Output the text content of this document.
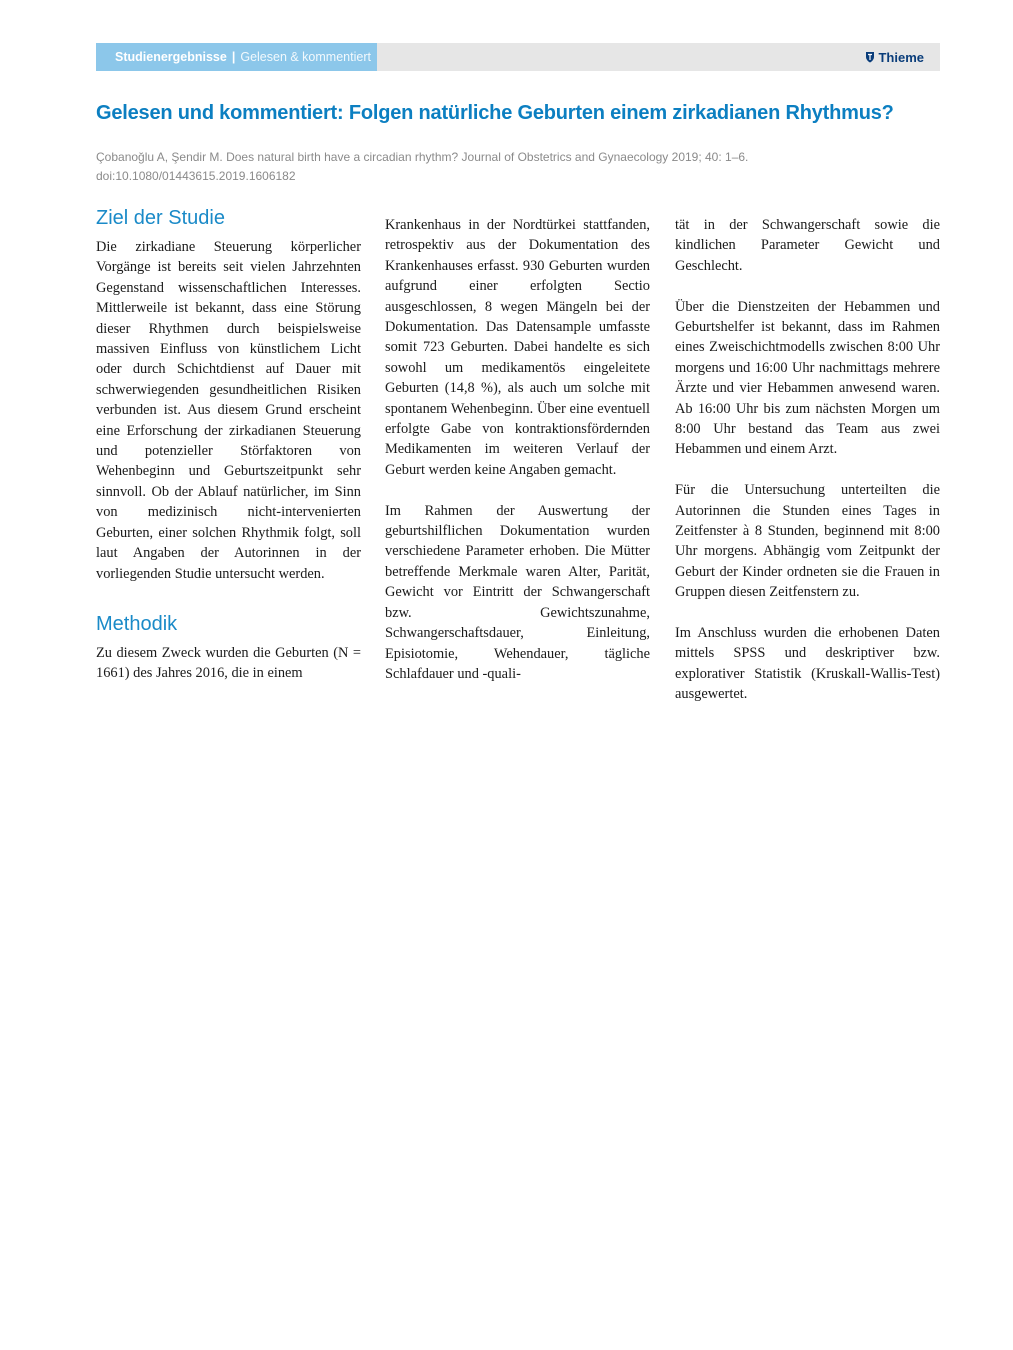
Studienergebnisse | Gelesen & kommentiert	Thieme
Gelesen und kommentiert: Folgen natürliche Geburten einem zirkadianen Rhythmus?
Çobanoğlu A, Şendir M. Does natural birth have a circadian rhythm? Journal of Obstetrics and Gynaecology 2019; 40: 1–6.
doi:10.1080/01443615.2019.1606182
Ziel der Studie

Die zirkadiane Steuerung körperlicher Vorgänge ist bereits seit vielen Jahrzehnten Gegenstand wissenschaftlichen Interesses. Mittlerweile ist bekannt, dass eine Störung dieser Rhythmen durch beispielsweise massiven Einfluss von künstlichem Licht oder durch Schichtdienst auf Dauer mit schwerwiegenden gesundheitlichen Risiken verbunden ist. Aus diesem Grund erscheint eine Erforschung der zirkadianen Steuerung und potenzieller Störfaktoren von Wehenbeginn und Geburtszeitpunkt sehr sinnvoll. Ob der Ablauf natürlicher, im Sinn von medizinisch nicht-intervenierten Geburten, einer solchen Rhythmik folgt, soll laut Angaben der Autorinnen in der vorliegenden Studie untersucht werden.

Methodik

Zu diesem Zweck wurden die Geburten (N = 1661) des Jahres 2016, die in einem

Krankenhaus in der Nordtürkei stattfanden, retrospektiv aus der Dokumentation des Krankenhauses erfasst. 930 Geburten wurden aufgrund einer erfolgten Sectio ausgeschlossen, 8 wegen Mängeln bei der Dokumentation. Das Datensample umfasste somit 723 Geburten. Dabei handelte es sich sowohl um medikamentös eingeleitete Geburten (14,8 %), als auch um solche mit spontanem Wehenbeginn. Über eine eventuell erfolgte Gabe von kontraktionsfördernden Medikamenten im weiteren Verlauf der Geburt werden keine Angaben gemacht.

Im Rahmen der Auswertung der geburtshilflichen Dokumentation wurden verschiedene Parameter erhoben. Die Mütter betreffende Merkmale waren Alter, Parität, Gewicht vor Eintritt der Schwangerschaft bzw. Gewichtszunahme, Schwangerschaftsdauer, Einleitung, Episiotomie, Wehendauer, tägliche Schlafdauer und -quali-

tät in der Schwangerschaft sowie die kindlichen Parameter Gewicht und Geschlecht.

Über die Dienstzeiten der Hebammen und Geburtshelfer ist bekannt, dass im Rahmen eines Zweischichtmodells zwischen 8:00 Uhr morgens und 16:00 Uhr nachmittags mehrere Ärzte und vier Hebammen anwesend waren. Ab 16:00 Uhr bis zum nächsten Morgen um 8:00 Uhr bestand das Team aus zwei Hebammen und einem Arzt.

Für die Untersuchung unterteilten die Autorinnen die Stunden eines Tages in Zeitfenster à 8 Stunden, beginnend mit 8:00 Uhr morgens. Abhängig vom Zeitpunkt der Geburt der Kinder ordneten sie die Frauen in Gruppen diesen Zeitfenstern zu.

Im Anschluss wurden die erhobenen Daten mittels SPSS und deskriptiver bzw. explorativer Statistik (Kruskall-Wallis-Test) ausgewertet.
